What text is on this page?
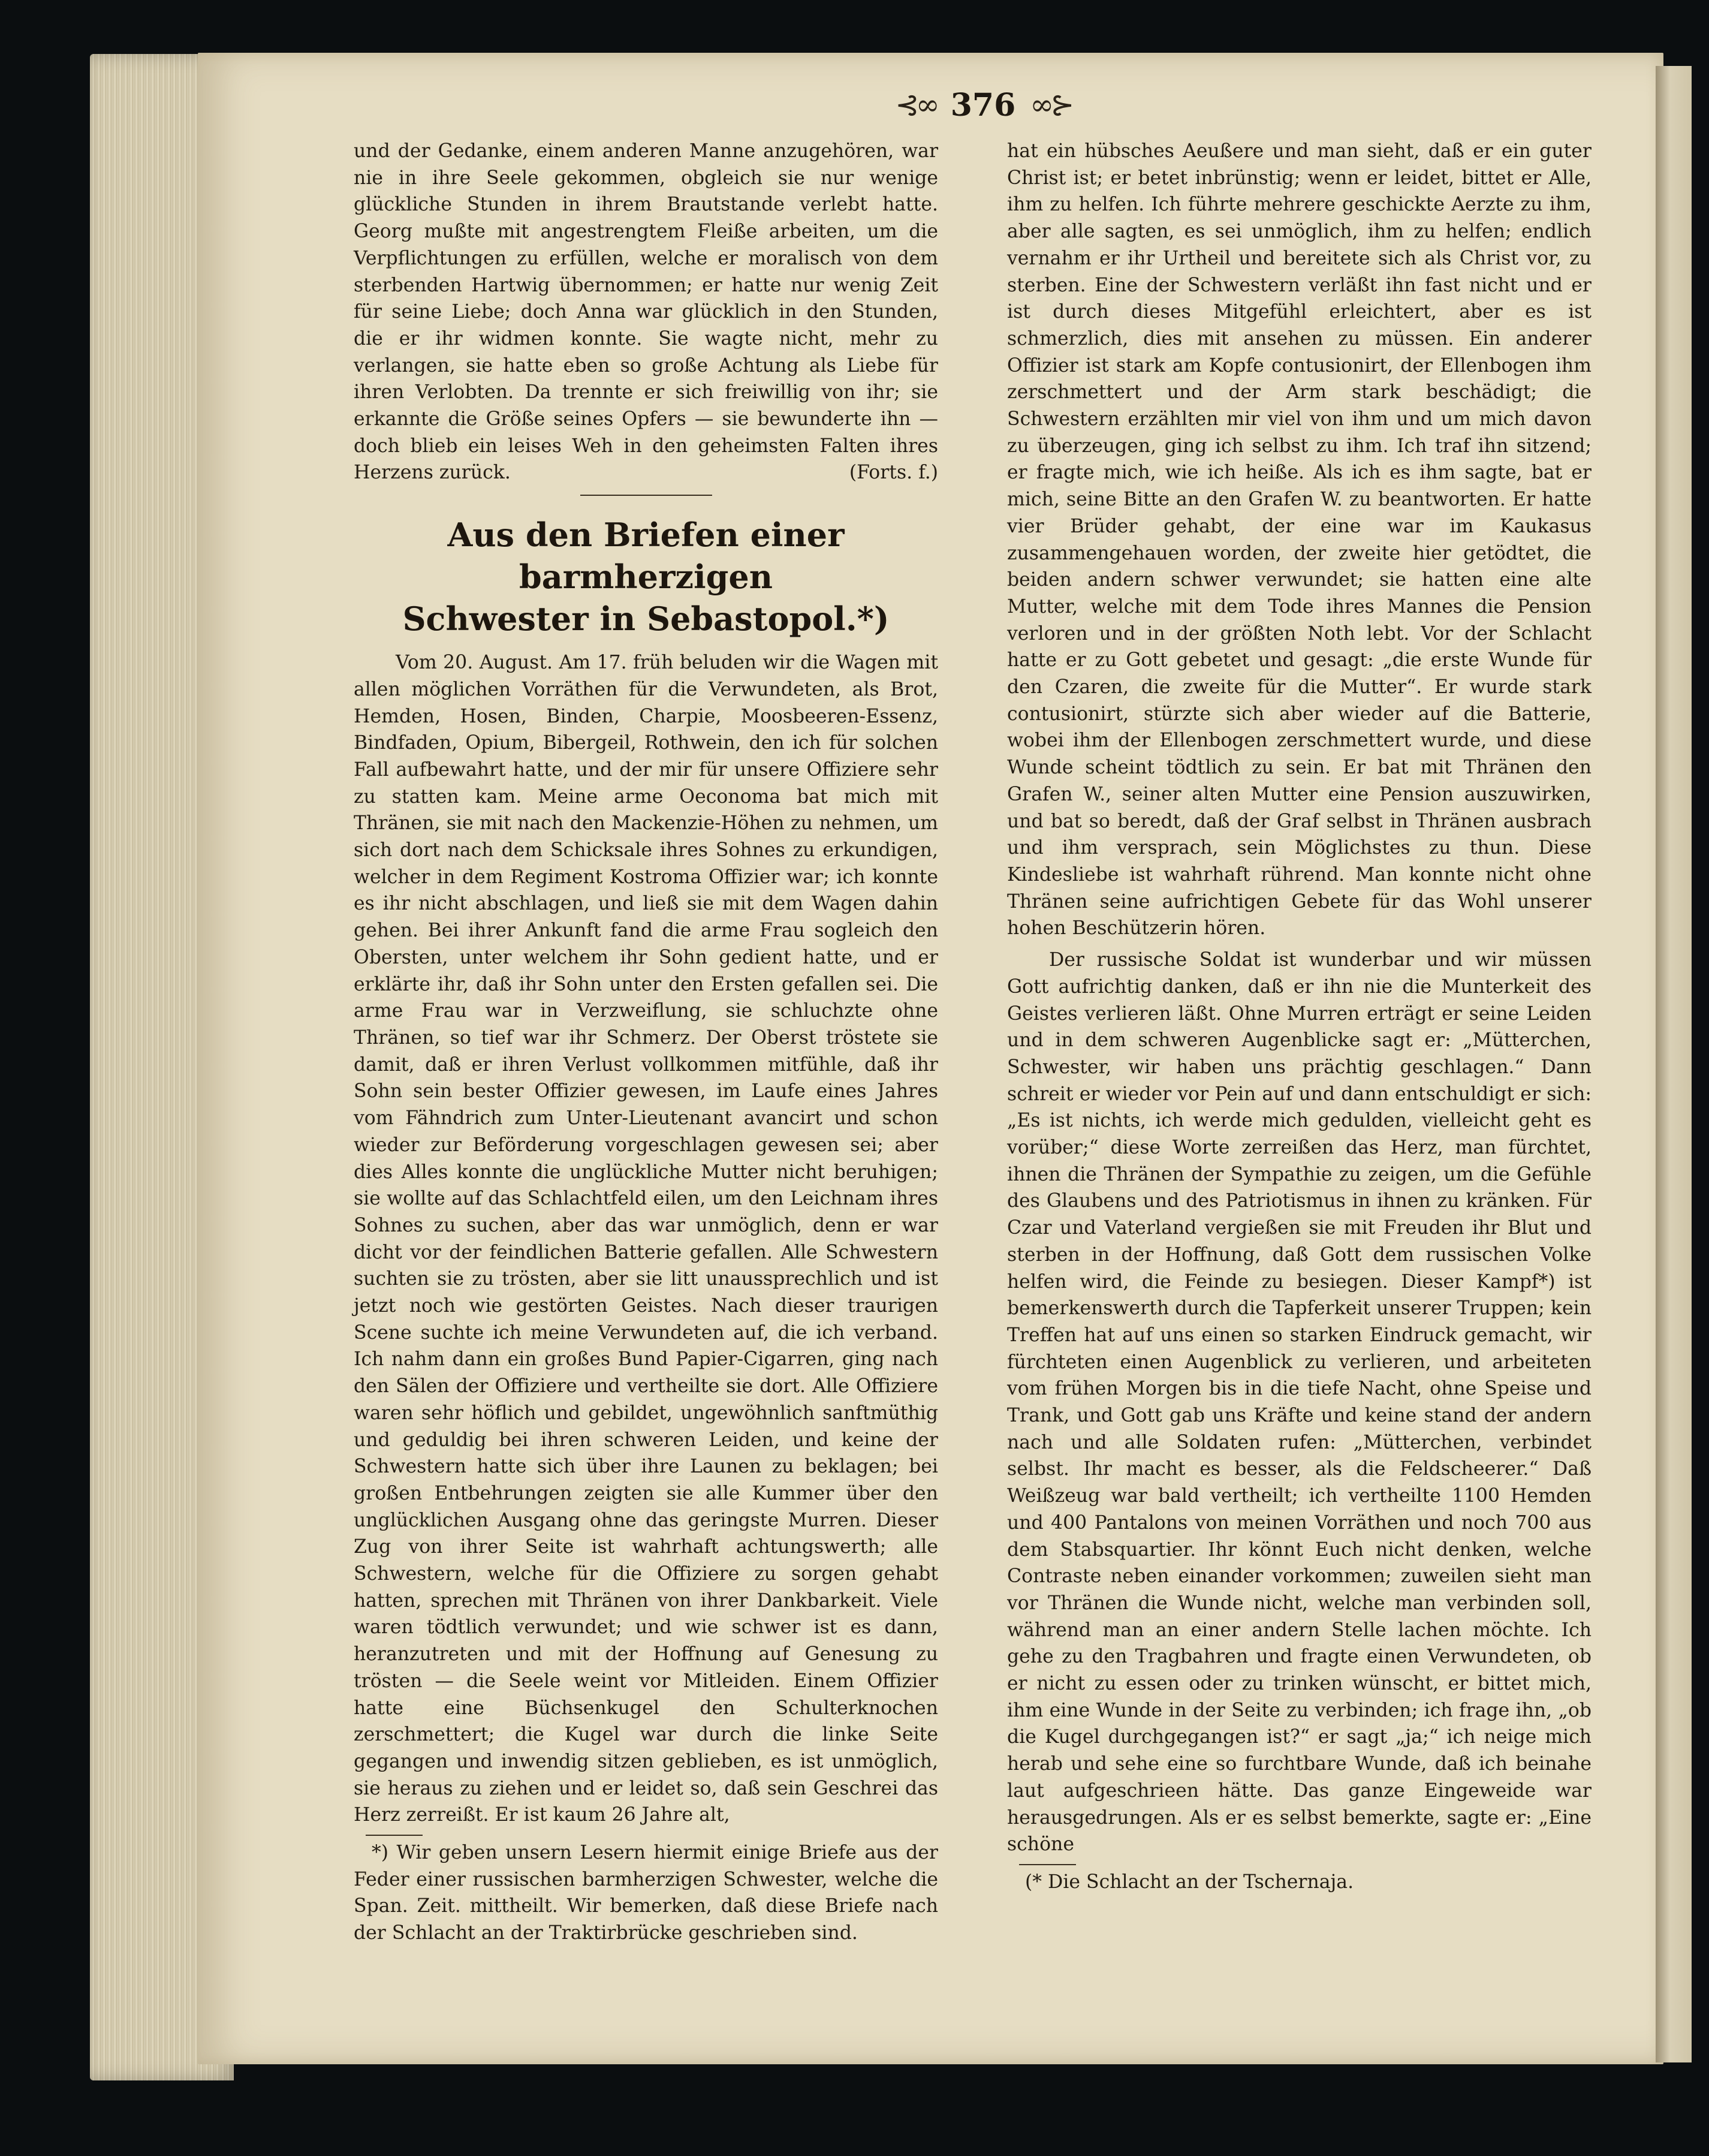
⊰∞ 376 ∞⊱

und der Gedanke, einem anderen Manne anzugehören, war nie in ihre Seele gekommen, obgleich sie nur wenige glückliche Stunden in ihrem Brautstande verlebt hatte. Georg mußte mit angestrengtem Fleiße arbeiten, um die Verpflichtungen zu erfüllen, welche er moralisch von dem sterbenden Hartwig übernommen; er hatte nur wenig Zeit für seine Liebe; doch Anna war glücklich in den Stunden, die er ihr widmen konnte. Sie wagte nicht, mehr zu verlangen, sie hatte eben so große Achtung als Liebe für ihren Verlobten. Da trennte er sich freiwillig von ihr; sie erkannte die Größe seines Opfers — sie bewunderte ihn — doch blieb ein leises Weh in den geheimsten Falten ihres Herzens zurück.	(Forts. f.)

Aus den Briefen einer barmherzigen
Schwester in Sebastopol.*)

Vom 20. August. Am 17. früh beluden wir die Wagen mit allen möglichen Vorräthen für die Verwundeten, als Brot, Hemden, Hosen, Binden, Charpie, Moosbeeren-Essenz, Bindfaden, Opium, Bibergeil, Rothwein, den ich für solchen Fall aufbewahrt hatte, und der mir für unsere Offiziere sehr zu statten kam. Meine arme Oeconoma bat mich mit Thränen, sie mit nach den Mackenzie-Höhen zu nehmen, um sich dort nach dem Schicksale ihres Sohnes zu erkundigen, welcher in dem Regiment Kostroma Offizier war; ich konnte es ihr nicht abschlagen, und ließ sie mit dem Wagen dahin gehen. Bei ihrer Ankunft fand die arme Frau sogleich den Obersten, unter welchem ihr Sohn gedient hatte, und er erklärte ihr, daß ihr Sohn unter den Ersten gefallen sei. Die arme Frau war in Verzweiflung, sie schluchzte ohne Thränen, so tief war ihr Schmerz. Der Oberst tröstete sie damit, daß er ihren Verlust vollkommen mitfühle, daß ihr Sohn sein bester Offizier gewesen, im Laufe eines Jahres vom Fähndrich zum Unter-Lieutenant avancirt und schon wieder zur Beförderung vorgeschlagen gewesen sei; aber dies Alles konnte die unglückliche Mutter nicht beruhigen; sie wollte auf das Schlachtfeld eilen, um den Leichnam ihres Sohnes zu suchen, aber das war unmöglich, denn er war dicht vor der feindlichen Batterie gefallen. Alle Schwestern suchten sie zu trösten, aber sie litt unaussprechlich und ist jetzt noch wie gestörten Geistes. Nach dieser traurigen Scene suchte ich meine Verwundeten auf, die ich verband. Ich nahm dann ein großes Bund Papier-Cigarren, ging nach den Sälen der Offiziere und vertheilte sie dort. Alle Offiziere waren sehr höflich und gebildet, ungewöhnlich sanftmüthig und geduldig bei ihren schweren Leiden, und keine der Schwestern hatte sich über ihre Launen zu beklagen; bei großen Entbehrungen zeigten sie alle Kummer über den unglücklichen Ausgang ohne das geringste Murren. Dieser Zug von ihrer Seite ist wahrhaft achtungswerth; alle Schwestern, welche für die Offiziere zu sorgen gehabt hatten, sprechen mit Thränen von ihrer Dankbarkeit. Viele waren tödtlich verwundet; und wie schwer ist es dann, heranzutreten und mit der Hoffnung auf Genesung zu trösten — die Seele weint vor Mitleiden. Einem Offizier hatte eine Büchsenkugel den Schulterknochen zerschmettert; die Kugel war durch die linke Seite gegangen und inwendig sitzen geblieben, es ist unmöglich, sie heraus zu ziehen und er leidet so, daß sein Geschrei das Herz zerreißt. Er ist kaum 26 Jahre alt,

*) Wir geben unsern Lesern hiermit einige Briefe aus der Feder einer russischen barmherzigen Schwester, welche die Span. Zeit. mittheilt. Wir bemerken, daß diese Briefe nach der Schlacht an der Traktirbrücke geschrieben sind.

hat ein hübsches Aeußere und man sieht, daß er ein guter Christ ist; er betet inbrünstig; wenn er leidet, bittet er Alle, ihm zu helfen. Ich führte mehrere geschickte Aerzte zu ihm, aber alle sagten, es sei unmöglich, ihm zu helfen; endlich vernahm er ihr Urtheil und bereitete sich als Christ vor, zu sterben. Eine der Schwestern verläßt ihn fast nicht und er ist durch dieses Mitgefühl erleichtert, aber es ist schmerzlich, dies mit ansehen zu müssen. Ein anderer Offizier ist stark am Kopfe contusionirt, der Ellenbogen ihm zerschmettert und der Arm stark beschädigt; die Schwestern erzählten mir viel von ihm und um mich davon zu überzeugen, ging ich selbst zu ihm. Ich traf ihn sitzend; er fragte mich, wie ich heiße. Als ich es ihm sagte, bat er mich, seine Bitte an den Grafen W. zu beantworten. Er hatte vier Brüder gehabt, der eine war im Kaukasus zusammengehauen worden, der zweite hier getödtet, die beiden andern schwer verwundet; sie hatten eine alte Mutter, welche mit dem Tode ihres Mannes die Pension verloren und in der größten Noth lebt. Vor der Schlacht hatte er zu Gott gebetet und gesagt: „die erste Wunde für den Czaren, die zweite für die Mutter“. Er wurde stark contusionirt, stürzte sich aber wieder auf die Batterie, wobei ihm der Ellenbogen zerschmettert wurde, und diese Wunde scheint tödtlich zu sein. Er bat mit Thränen den Grafen W., seiner alten Mutter eine Pension auszuwirken, und bat so beredt, daß der Graf selbst in Thränen ausbrach und ihm versprach, sein Möglichstes zu thun. Diese Kindesliebe ist wahrhaft rührend. Man konnte nicht ohne Thränen seine aufrichtigen Gebete für das Wohl unserer hohen Beschützerin hören.

Der russische Soldat ist wunderbar und wir müssen Gott aufrichtig danken, daß er ihn nie die Munterkeit des Geistes verlieren läßt. Ohne Murren erträgt er seine Leiden und in dem schweren Augenblicke sagt er: „Mütterchen, Schwester, wir haben uns prächtig geschlagen.“ Dann schreit er wieder vor Pein auf und dann entschuldigt er sich: „Es ist nichts, ich werde mich gedulden, vielleicht geht es vorüber;“ diese Worte zerreißen das Herz, man fürchtet, ihnen die Thränen der Sympathie zu zeigen, um die Gefühle des Glaubens und des Patriotismus in ihnen zu kränken. Für Czar und Vaterland vergießen sie mit Freuden ihr Blut und sterben in der Hoffnung, daß Gott dem russischen Volke helfen wird, die Feinde zu besiegen. Dieser Kampf*) ist bemerkenswerth durch die Tapferkeit unserer Truppen; kein Treffen hat auf uns einen so starken Eindruck gemacht, wir fürchteten einen Augenblick zu verlieren, und arbeiteten vom frühen Morgen bis in die tiefe Nacht, ohne Speise und Trank, und Gott gab uns Kräfte und keine stand der andern nach und alle Soldaten rufen: „Mütterchen, verbindet selbst. Ihr macht es besser, als die Feldscheerer.“ Daß Weißzeug war bald vertheilt; ich vertheilte 1100 Hemden und 400 Pantalons von meinen Vorräthen und noch 700 aus dem Stabsquartier. Ihr könnt Euch nicht denken, welche Contraste neben einander vorkommen; zuweilen sieht man vor Thränen die Wunde nicht, welche man verbinden soll, während man an einer andern Stelle lachen möchte. Ich gehe zu den Tragbahren und fragte einen Verwundeten, ob er nicht zu essen oder zu trinken wünscht, er bittet mich, ihm eine Wunde in der Seite zu verbinden; ich frage ihn, „ob die Kugel durchgegangen ist?“ er sagt „ja;“ ich neige mich herab und sehe eine so furchtbare Wunde, daß ich beinahe laut aufgeschrieen hätte. Das ganze Eingeweide war herausgedrungen. Als er es selbst bemerkte, sagte er: „Eine schöne

(* Die Schlacht an der Tschernaja.
